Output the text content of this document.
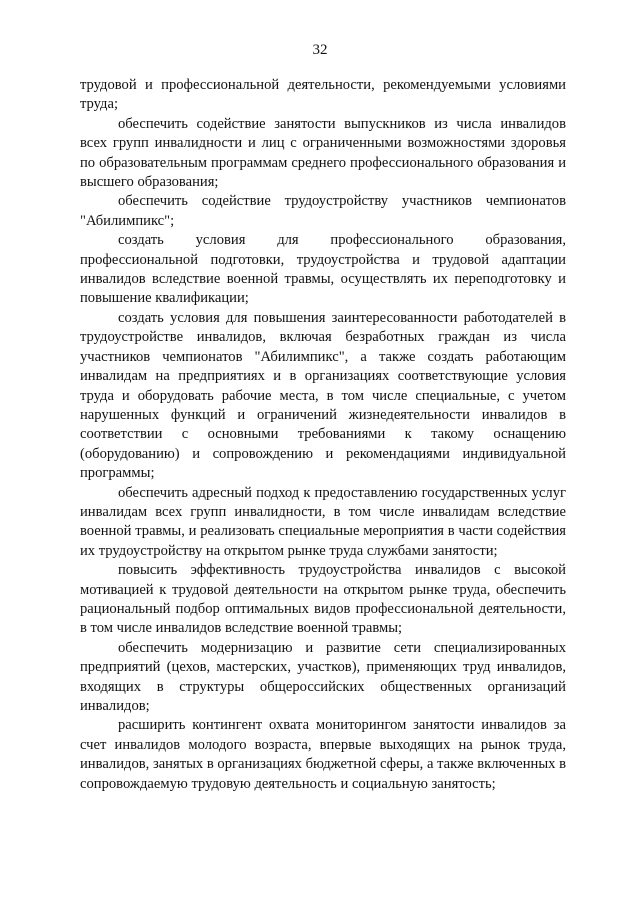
32

трудовой и профессиональной деятельности, рекомендуемыми условиями труда;

обеспечить содействие занятости выпускников из числа инвалидов всех групп инвалидности и лиц с ограниченными возможностями здоровья по образовательным программам среднего профессионального образования и высшего образования;

обеспечить содействие трудоустройству участников чемпионатов "Абилимпикс";

создать условия для профессионального образования, профессиональной подготовки, трудоустройства и трудовой адаптации инвалидов вследствие военной травмы, осуществлять их переподготовку и повышение квалификации;

создать условия для повышения заинтересованности работодателей в трудоустройстве инвалидов, включая безработных граждан из числа участников чемпионатов "Абилимпикс", а также создать работающим инвалидам на предприятиях и в организациях соответствующие условия труда и оборудовать рабочие места, в том числе специальные, с учетом нарушенных функций и ограничений жизнедеятельности инвалидов в соответствии с основными требованиями к такому оснащению (оборудованию) и сопровождению и рекомендациями индивидуальной программы;

обеспечить адресный подход к предоставлению государственных услуг инвалидам всех групп инвалидности, в том числе инвалидам вследствие военной травмы, и реализовать специальные мероприятия в части содействия их трудоустройству на открытом рынке труда службами занятости;

повысить эффективность трудоустройства инвалидов с высокой мотивацией к трудовой деятельности на открытом рынке труда, обеспечить рациональный подбор оптимальных видов профессиональной деятельности, в том числе инвалидов вследствие военной травмы;

обеспечить модернизацию и развитие сети специализированных предприятий (цехов, мастерских, участков), применяющих труд инвалидов, входящих в структуры общероссийских общественных организаций инвалидов;

расширить контингент охвата мониторингом занятости инвалидов за счет инвалидов молодого возраста, впервые выходящих на рынок труда, инвалидов, занятых в организациях бюджетной сферы, а также включенных в сопровождаемую трудовую деятельность и социальную занятость;
